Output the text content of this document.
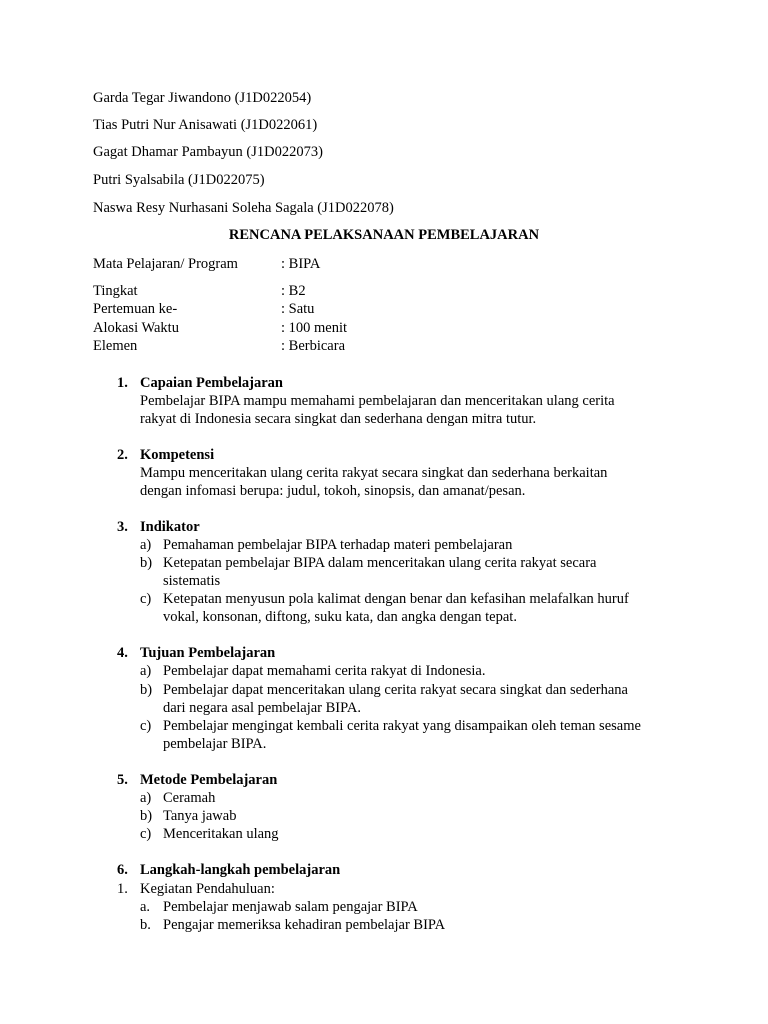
Garda Tegar Jiwandono (J1D022054)
Tias Putri Nur Anisawati (J1D022061)
Gagat Dhamar Pambayun (J1D022073)
Putri Syalsabila (J1D022075)
Naswa Resy Nurhasani Soleha Sagala (J1D022078)
RENCANA PELAKSANAAN PEMBELAJARAN
Mata Pelajaran/ Program	: BIPA
Tingkat	: B2
Pertemuan ke-	: Satu
Alokasi Waktu	: 100 menit
Elemen	: Berbicara
1. Capaian Pembelajaran
Pembelajar BIPA mampu memahami pembelajaran dan menceritakan ulang cerita
rakyat di Indonesia secara singkat dan sederhana dengan mitra tutur.
2. Kompetensi
Mampu menceritakan ulang cerita rakyat secara singkat dan sederhana berkaitan
dengan infomasi berupa: judul, tokoh, sinopsis, dan amanat/pesan.
3. Indikator
a) Pemahaman pembelajar BIPA terhadap materi pembelajaran
b) Ketepatan pembelajar BIPA dalam menceritakan ulang cerita rakyat secara
sistematis
c) Ketepatan menyusun pola kalimat dengan benar dan kefasihan melafalkan huruf
vokal, konsonan, diftong, suku kata, dan angka dengan tepat.
4. Tujuan Pembelajaran
a) Pembelajar dapat memahami cerita rakyat di Indonesia.
b) Pembelajar dapat menceritakan ulang cerita rakyat secara singkat dan sederhana
dari negara asal pembelajar BIPA.
c) Pembelajar mengingat kembali cerita rakyat yang disampaikan oleh teman sesame
pembelajar BIPA.
5. Metode Pembelajaran
a) Ceramah
b) Tanya jawab
c) Menceritakan ulang
6. Langkah-langkah pembelajaran
1. Kegiatan Pendahuluan:
a. Pembelajar menjawab salam pengajar BIPA
b. Pengajar memeriksa kehadiran pembelajar BIPA
